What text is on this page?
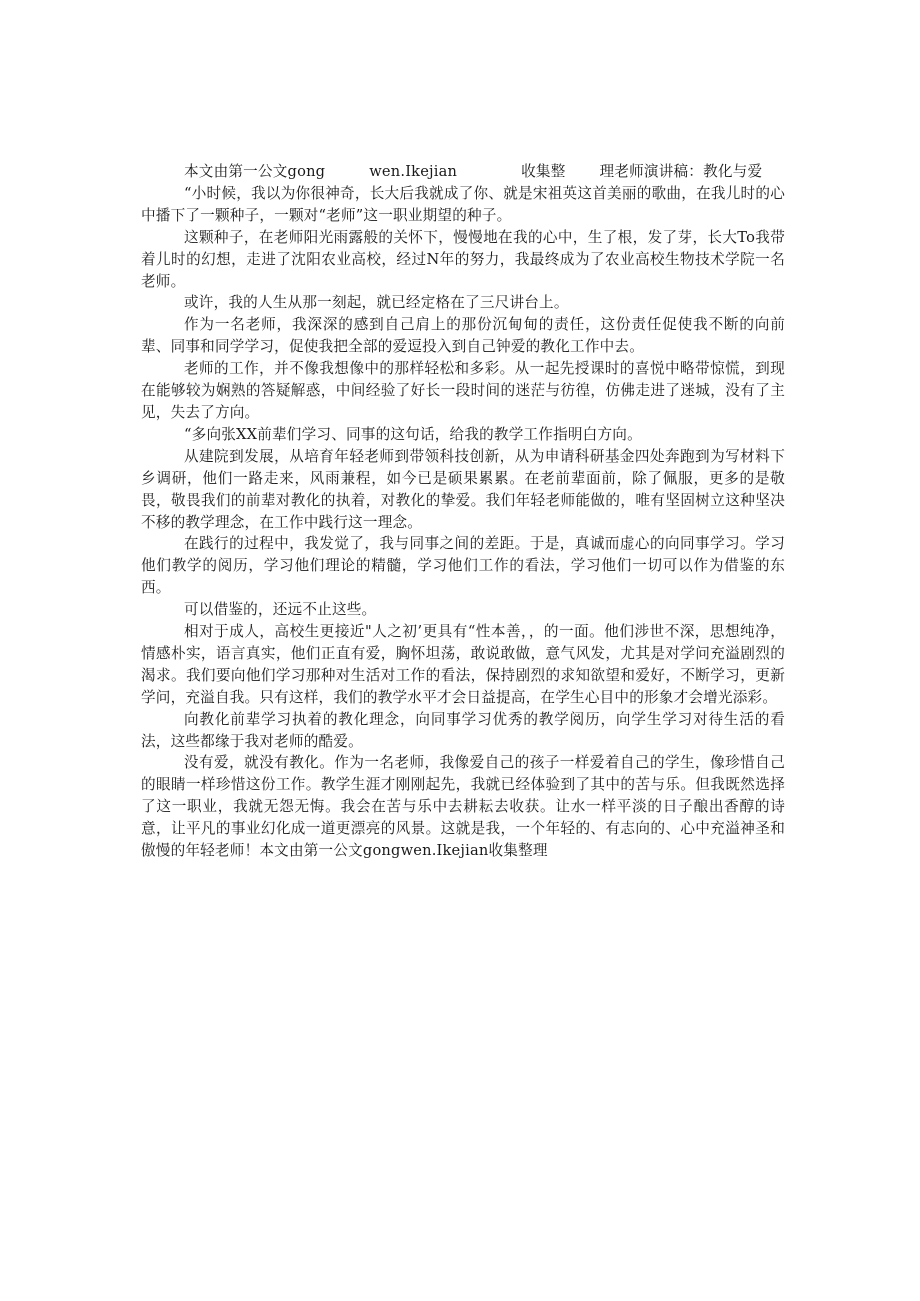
本文由第一公文gong	wen.Ikejian	收集整 理老师演讲稿：教化与爱

“小时候，我以为你很神奇，长大后我就成了你、就是宋祖英这首美丽的歌曲，在我儿时的心中播下了一颗种子，一颗对“老师”这一职业期望的种子。

这颗种子，在老师阳光雨露般的关怀下，慢慢地在我的心中，生了根，发了芽，长大To我带着儿时的幻想，走进了沈阳农业高校，经过N年的努力，我最终成为了农业高校生物技术学院一名老师。

或许，我的人生从那一刻起，就已经定格在了三尺讲台上。

作为一名老师，我深深的感到自己肩上的那份沉甸甸的责任，这份责任促使我不断的向前辈、同事和同学学习，促使我把全部的爱逗投入到自己钟爱的教化工作中去。

老师的工作，并不像我想像中的那样轻松和多彩。从一起先授课时的喜悦中略带惊慌，到现在能够较为娴熟的答疑解惑，中间经验了好长一段时间的迷茫与彷徨，仿佛走进了迷城，没有了主见，失去了方向。

“多向张XX前辈们学习、同事的这句话，给我的教学工作指明白方向。

从建院到发展，从培育年轻老师到带领科技创新，从为申请科研基金四处奔跑到为写材料下乡调研，他们一路走来，风雨兼程，如今已是硕果累累。在老前辈面前，除了佩服，更多的是敬畏，敬畏我们的前辈对教化的执着，对教化的挚爱。我们年轻老师能做的，唯有坚固树立这种坚决不移的教学理念，在工作中践行这一理念。

在践行的过程中，我发觉了，我与同事之间的差距。于是，真诚而虚心的向同事学习。学习他们教学的阅历，学习他们理论的精髓，学习他们工作的看法，学习他们一切可以作为借鉴的东西。

可以借鉴的，还远不止这些。

相对于成人，高校生更接近"人之初’更具有“性本善，，的一面。他们涉世不深，思想纯净，情感朴实，语言真实，他们正直有爱，胸怀坦荡，敢说敢做，意气风发，尤其是对学问充溢剧烈的渴求。我们要向他们学习那种对生活对工作的看法，保持剧烈的求知欲望和爱好，不断学习，更新学问，充溢自我。只有这样，我们的教学水平才会日益提高，在学生心目中的形象才会增光添彩。

向教化前辈学习执着的教化理念，向同事学习优秀的教学阅历，向学生学习对待生活的看法，这些都缘于我对老师的酷爱。

没有爱，就没有教化。作为一名老师，我像爱自己的孩子一样爱着自己的学生，像珍惜自己的眼睛一样珍惜这份工作。教学生涯才刚刚起先，我就已经体验到了其中的苦与乐。但我既然选择了这一职业，我就无怨无悔。我会在苦与乐中去耕耘去收获。让水一样平淡的日子酿出香醇的诗意，让平凡的事业幻化成一道更漂亮的风景。这就是我，一个年轻的、有志向的、心中充溢神圣和傲慢的年轻老师！本文由第一公文gongwen.Ikejian收集整理
